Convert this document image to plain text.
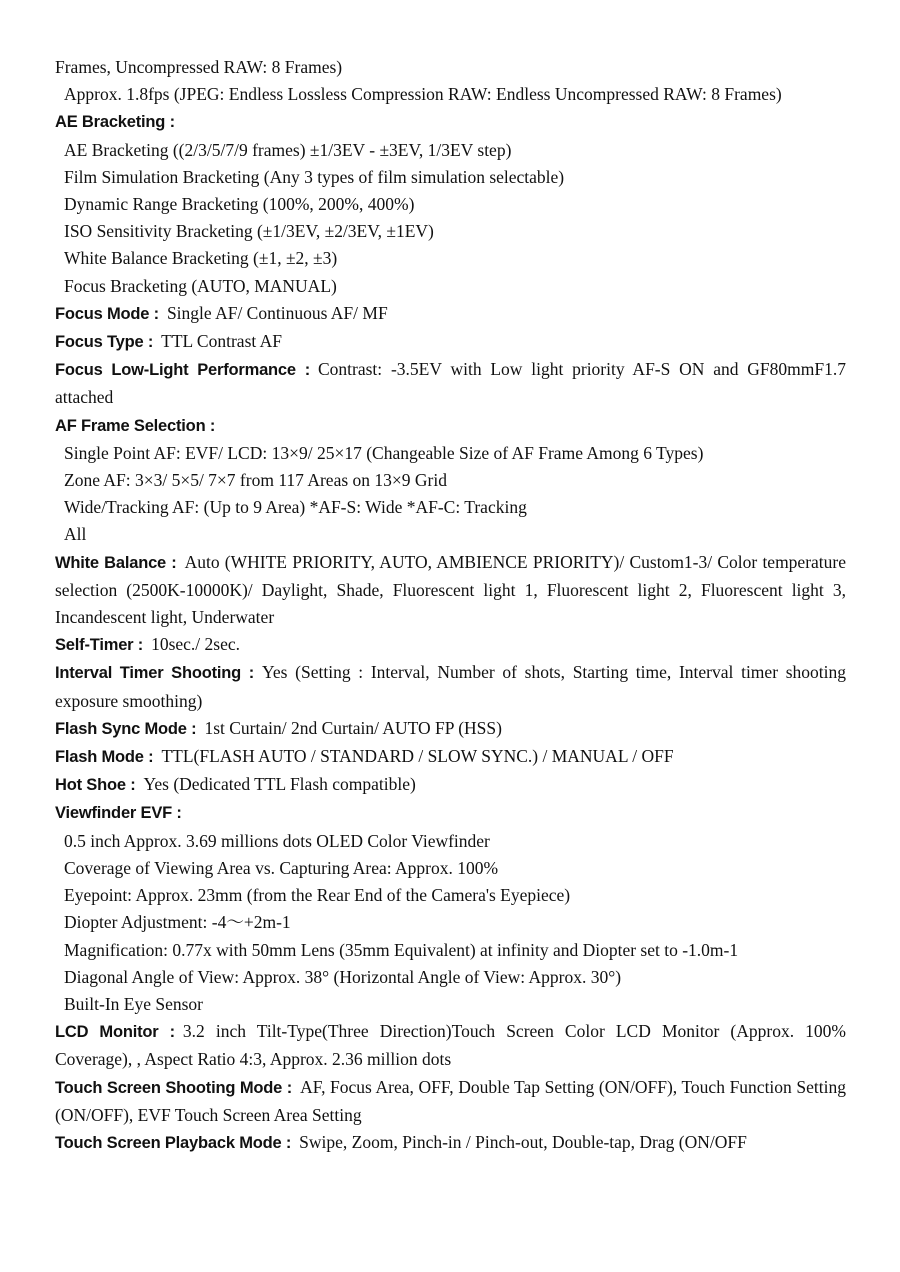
Frames, Uncompressed RAW: 8 Frames)

Approx. 1.8fps (JPEG: Endless Lossless Compression RAW: Endless Uncompressed RAW: 8 Frames)

AE Bracketing :

AE Bracketing ((2/3/5/7/9 frames) ±1/3EV - ±3EV, 1/3EV step)

Film Simulation Bracketing (Any 3 types of film simulation selectable)

Dynamic Range Bracketing (100%, 200%, 400%)

ISO Sensitivity Bracketing (±1/3EV, ±2/3EV, ±1EV)

White Balance Bracketing (±1, ±2, ±3)

Focus Bracketing (AUTO, MANUAL)

Focus Mode : Single AF/ Continuous AF/ MF

Focus Type : TTL Contrast AF

Focus Low-Light Performance : Contrast: -3.5EV with Low light priority AF-S ON and GF80mmF1.7 attached

AF Frame Selection :

Single Point AF: EVF/ LCD: 13×9/ 25×17 (Changeable Size of AF Frame Among 6 Types)

Zone AF: 3×3/ 5×5/ 7×7 from 117 Areas on 13×9 Grid

Wide/Tracking AF: (Up to 9 Area) *AF-S: Wide *AF-C: Tracking

All

White Balance : Auto (WHITE PRIORITY, AUTO, AMBIENCE PRIORITY)/ Custom1-3/ Color temperature selection (2500K-10000K)/ Daylight, Shade, Fluorescent light 1, Fluorescent light 2, Fluorescent light 3, Incandescent light, Underwater

Self-Timer : 10sec./ 2sec.

Interval Timer Shooting : Yes (Setting : Interval, Number of shots, Starting time, Interval timer shooting exposure smoothing)

Flash Sync Mode : 1st Curtain/ 2nd Curtain/ AUTO FP (HSS)

Flash Mode : TTL(FLASH AUTO / STANDARD / SLOW SYNC.) / MANUAL / OFF

Hot Shoe : Yes (Dedicated TTL Flash compatible)

Viewfinder EVF :

0.5 inch Approx. 3.69 millions dots OLED Color Viewfinder

Coverage of Viewing Area vs. Capturing Area: Approx. 100%

Eyepoint: Approx. 23mm (from the Rear End of the Camera's Eyepiece)

Diopter Adjustment: -4〜+2m-1

Magnification: 0.77x with 50mm Lens (35mm Equivalent) at infinity and Diopter set to -1.0m-1

Diagonal Angle of View: Approx. 38° (Horizontal Angle of View: Approx. 30°)

Built-In Eye Sensor

LCD Monitor : 3.2 inch Tilt-Type(Three Direction)Touch Screen Color LCD Monitor (Approx. 100% Coverage), , Aspect Ratio 4:3, Approx. 2.36 million dots

Touch Screen Shooting Mode : AF, Focus Area, OFF, Double Tap Setting (ON/OFF), Touch Function Setting (ON/OFF), EVF Touch Screen Area Setting

Touch Screen Playback Mode : Swipe, Zoom, Pinch-in / Pinch-out, Double-tap, Drag (ON/OFF
